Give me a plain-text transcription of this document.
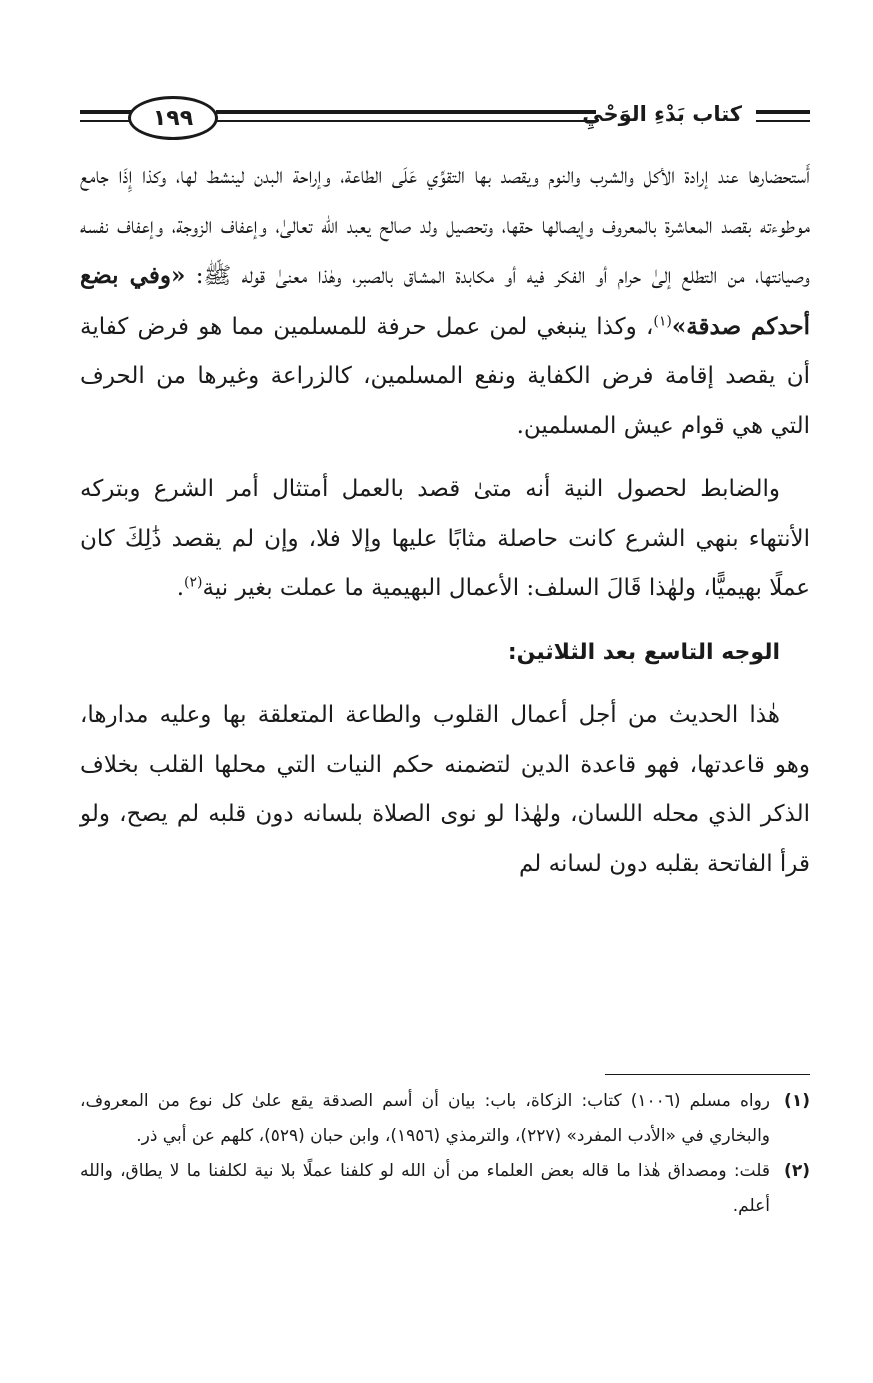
١٩٩	كتاب بَدْءِ الوَحْيِ

أَستحضارها عند إرادة الأكل والشرب والنوم ويقصد بها التقوِّي عَلَى الطاعة، وإراحة البدن لينشط لها، وكذا إِذَا جامع موطوءته بقصد المعاشرة بالمعروف وإيصالها حقها، وتحصيل ولد صالح يعبد الله تعالىٰ، وإعفاف الزوجة، وإعفاف نفسه وصيانتها، من التطلع إلىٰ حرام أو الفكر فيه أو مكابدة المشاق بالصبر، وهٰذا معنىٰ قوله ﷺ: «وفي بضع أحدكم صدقة»$^{(١)}$، وكذا ينبغي لمن عمل حرفة للمسلمين مما هو فرض كفاية أن يقصد إقامة فرض الكفاية ونفع المسلمين، كالزراعة وغيرها من الحرف التي هي قوام عيش المسلمين.

والضابط لحصول النية أنه متىٰ قصد بالعمل أمتثال أمر الشرع وبتركه الأنتهاء بنهي الشرع كانت حاصلة مثابًا عليها وإلا فلا، وإن لم يقصد ذَٰلِكَ كان عملًا بهيميًّا، ولهٰذا قَالَ السلف: الأعمال البهيمية ما عملت بغير نية$^{(٢)}$.

الوجه التاسع بعد الثلاثين:

هٰذا الحديث من أجل أعمال القلوب والطاعة المتعلقة بها وعليه مدارها، وهو قاعدتها، فهو قاعدة الدين لتضمنه حكم النيات التي محلها القلب بخلاف الذكر الذي محله اللسان، ولهٰذا لو نوى الصلاة بلسانه دون قلبه لم يصح، ولو قرأ الفاتحة بقلبه دون لسانه لم

(١)
رواه مسلم (١٠٠٦) كتاب: الزكاة، باب: بيان أن أسم الصدقة يقع علىٰ كل نوع من المعروف، والبخاري في «الأدب المفرد» (٢٢٧)، والترمذي (١٩٥٦)، وابن حبان (٥٢٩)، كلهم عن أبي ذر.
(٢)
قلت: ومصداق هٰذا ما قاله بعض العلماء من أن الله لو كلفنا عملًا بلا نية لكلفنا ما لا يطاق، والله أعلم.
